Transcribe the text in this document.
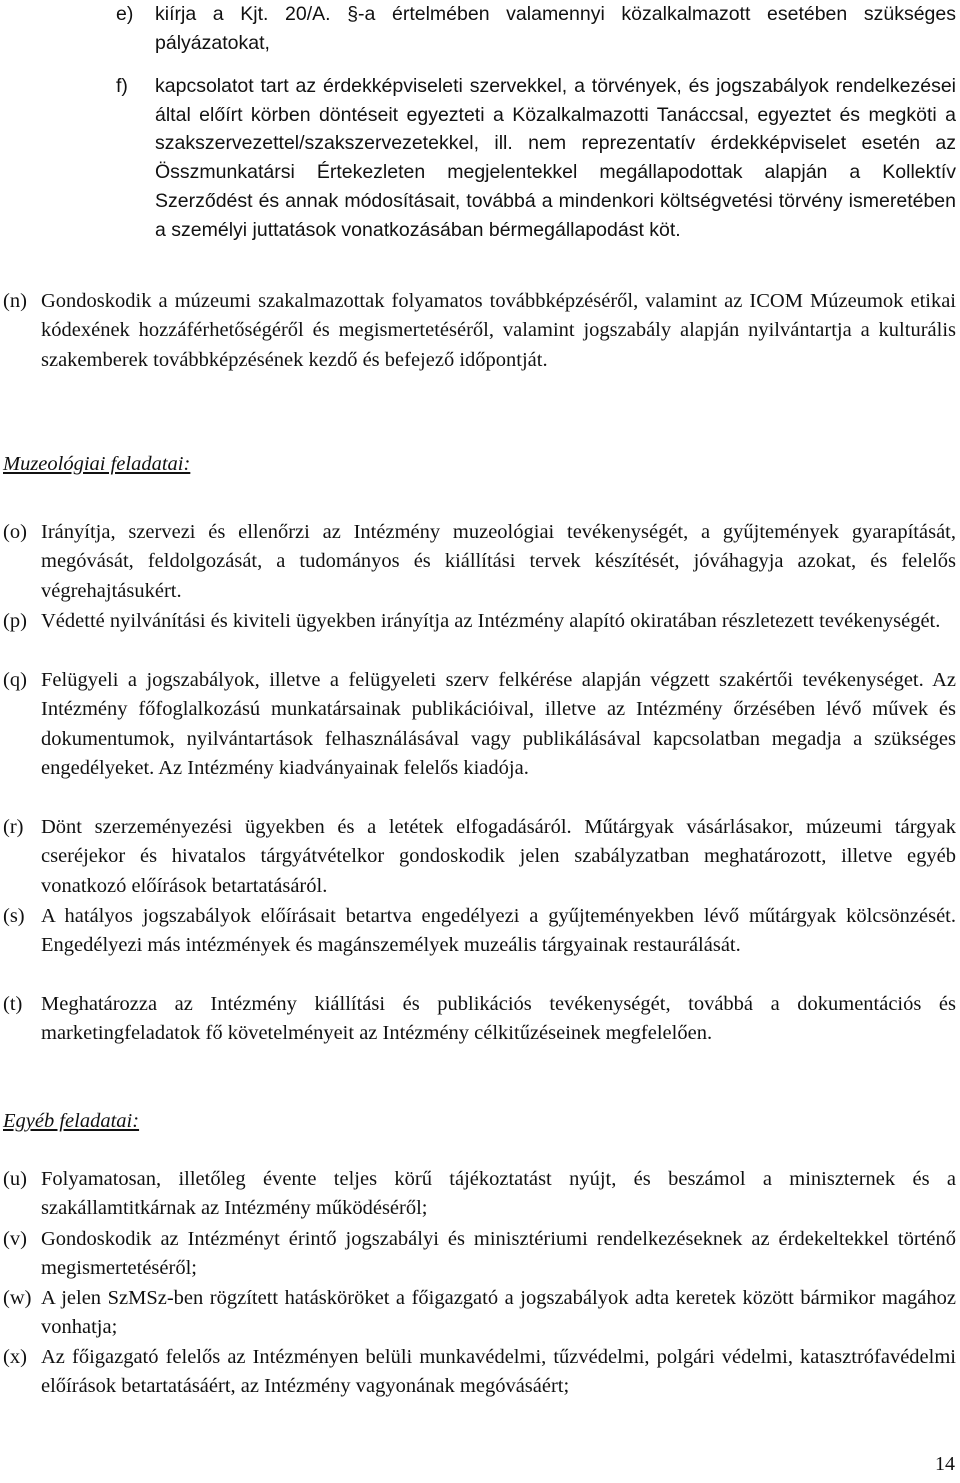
e)	kiírja a Kjt. 20/A. §-a értelmében valamennyi közalkalmazott esetében szükséges pályázatokat,
f)	kapcsolatot tart az érdekképviseleti szervekkel, a törvények, és jogszabályok rendelkezései által előírt körben döntéseit egyezteti a Közalkalmazotti Tanáccsal, egyeztet és megköti a szakszervezettel/szakszervezetekkel, ill. nem reprezentatív érdekképviselet esetén az Összmunkatársi Értekezleten megjelentekkel megállapodottak alapján a Kollektív Szerződést és annak módosításait, továbbá a mindenkori költségvetési törvény ismeretében a személyi juttatások vonatkozásában bérmegállapodást köt.
(n) Gondoskodik a múzeumi szakalmazottak folyamatos továbbképzéséről, valamint az ICOM Múzeumok etikai kódexének hozzáférhetőségéről és megismertetéséről, valamint jogszabály alapján nyilvántartja a kulturális szakemberek továbbképzésének kezdő és befejező időpontját.
Muzeológiai feladatai:
(o) Irányítja, szervezi és ellenőrzi az Intézmény muzeológiai tevékenységét, a gyűjtemények gyarapítását, megóvását, feldolgozását, a tudományos és kiállítási tervek készítését, jóváhagyja azokat, és felelős végrehajtásukért.
(p) Védetté nyilvánítási és kiviteli ügyekben irányítja az Intézmény alapító okiratában részletezett tevékenységét.
(q) Felügyeli a jogszabályok, illetve a felügyeleti szerv felkérése alapján végzett szakértői tevékenységet. Az Intézmény főfoglalkozású munkatársainak publikációival, illetve az Intézmény őrzésében lévő művek és dokumentumok, nyilvántartások felhasználásával vagy publikálásával kapcsolatban megadja a szükséges engedélyeket. Az Intézmény kiadványainak felelős kiadója.
(r) Dönt szerzeményezési ügyekben és a letétek elfogadásáról. Műtárgyak vásárlásakor, múzeumi tárgyak cseréjekor és hivatalos tárgyátvételkor gondoskodik jelen szabályzatban meghatározott, illetve egyéb vonatkozó előírások betartatásáról.
(s) A hatályos jogszabályok előírásait betartva engedélyezi a gyűjteményekben lévő műtárgyak kölcsönzését. Engedélyezi más intézmények és magánszemélyek muzeális tárgyainak restaurálását.
(t) Meghatározza az Intézmény kiállítási és publikációs tevékenységét, továbbá a dokumentációs és marketingfeladatok fő követelményeit az Intézmény célkitűzéseinek megfelelően.
Egyéb feladatai:
(u) Folyamatosan, illetőleg évente teljes körű tájékoztatást nyújt, és beszámol a miniszternek és a szakállamtitkárnak az Intézmény működéséről;
(v) Gondoskodik az Intézményt érintő jogszabályi és minisztériumi rendelkezéseknek az érdekeltekkel történő megismertetéséről;
(w) A jelen SzMSz-ben rögzített hatásköröket a főigazgató a jogszabályok adta keretek között bármikor magához vonhatja;
(x) Az főigazgató felelős az Intézményen belüli munkavédelmi, tűzvédelmi, polgári védelmi, katasztrófavédelmi előírások betartatásáért, az Intézmény vagyonának megóvásáért;
14
